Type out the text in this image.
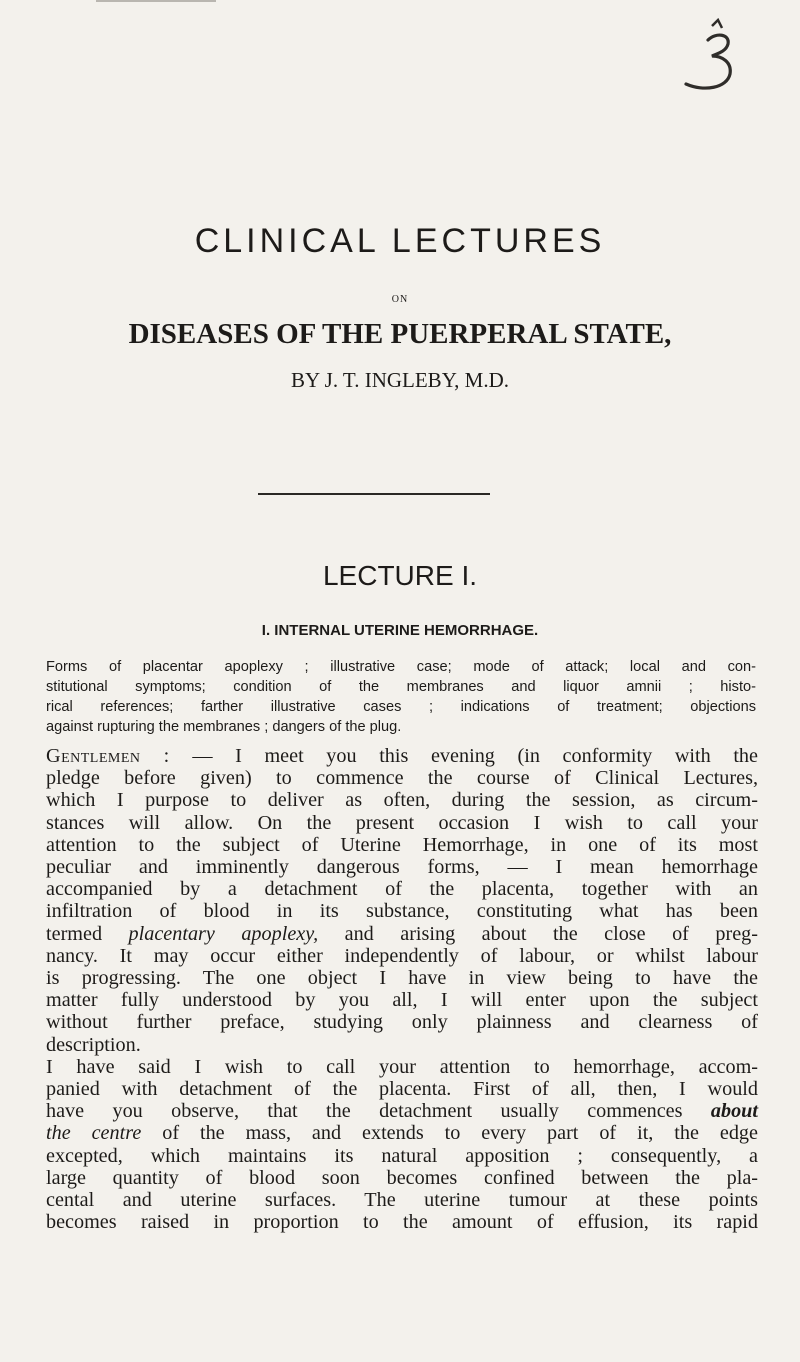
CLINICAL LECTURES
ON
DISEASES OF THE PUERPERAL STATE,
BY J. T. INGLEBY, M.D.
LECTURE I.
I. INTERNAL UTERINE HEMORRHAGE.
Forms of placentar apoplexy ; illustrative case; mode of attack; local and con-
stitutional symptoms; condition of the membranes and liquor amnii ; histo-
rical references; farther illustrative cases ; indications of treatment; objections
against rupturing the membranes ; dangers of the plug.
Gentlemen : — I meet you this evening (in conformity with the
pledge before given) to commence the course of Clinical Lectures,
which I purpose to deliver as often, during the session, as circum-
stances will allow. On the present occasion I wish to call your
attention to the subject of Uterine Hemorrhage, in one of its most
peculiar and imminently dangerous forms, — I mean hemorrhage
accompanied by a detachment of the placenta, together with an
infiltration of blood in its substance, constituting what has been
termed placentary apoplexy, and arising about the close of preg-
nancy. It may occur either independently of labour, or whilst labour
is progressing. The one object I have in view being to have the
matter fully understood by you all, I will enter upon the subject
without further preface, studying only plainness and clearness of
description.
I have said I wish to call your attention to hemorrhage, accom-
panied with detachment of the placenta. First of all, then, I would
have you observe, that the detachment usually commences about
the centre of the mass, and extends to every part of it, the edge
excepted, which maintains its natural apposition ; consequently, a
large quantity of blood soon becomes confined between the pla-
cental and uterine surfaces. The uterine tumour at these points
becomes raised in proportion to the amount of effusion, its rapid
